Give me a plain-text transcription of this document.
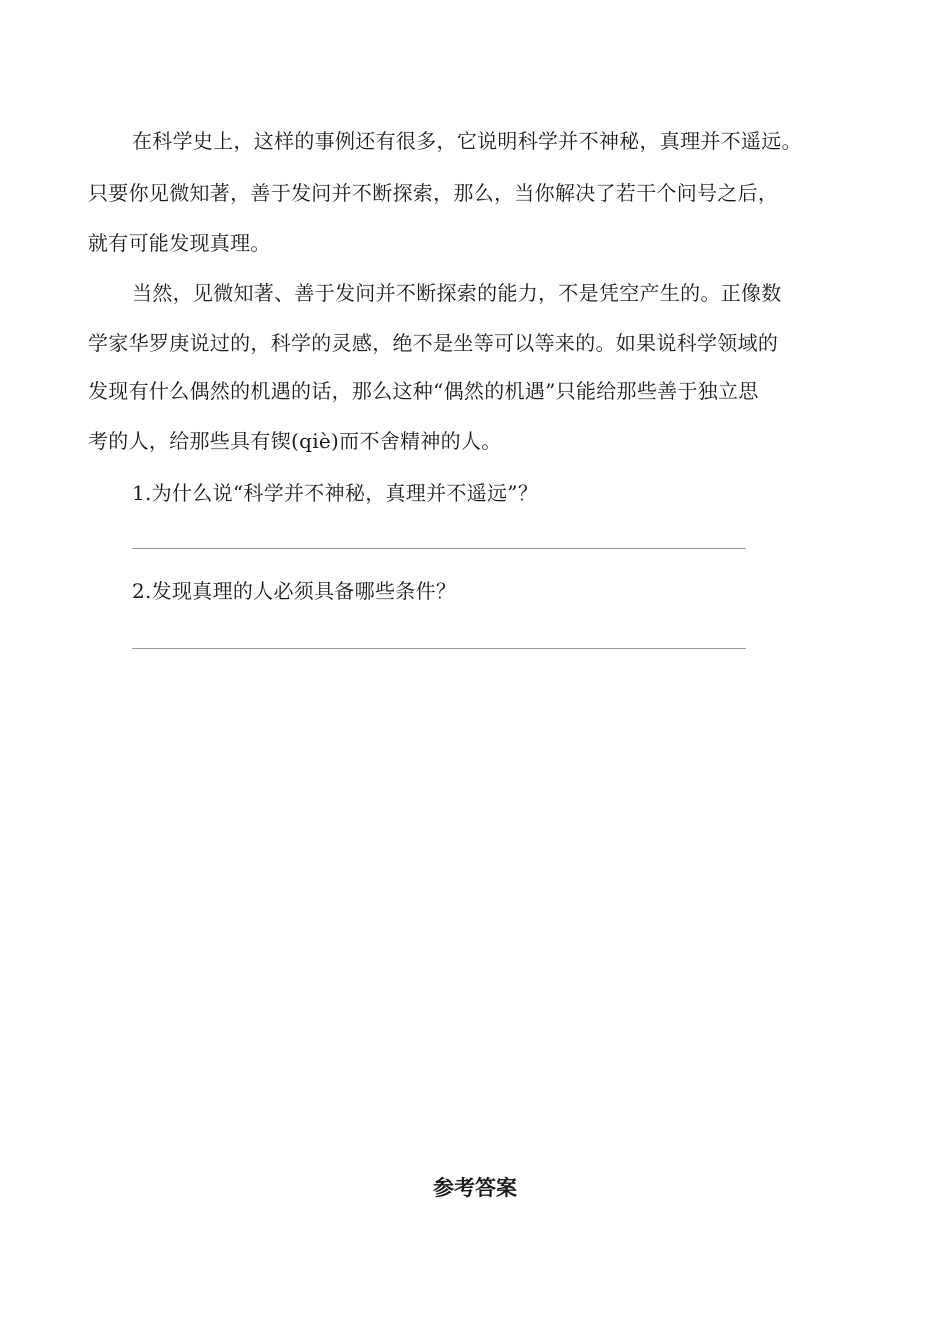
在科学史上，这样的事例还有很多，它说明科学并不神秘，真理并不遥远。
只要你见微知著，善于发问并不断探索，那么，当你解决了若干个问号之后，
就有可能发现真理。
当然，见微知著、善于发问并不断探索的能力，不是凭空产生的。正像数
学家华罗庚说过的，科学的灵感，绝不是坐等可以等来的。如果说科学领域的
发现有什么偶然的机遇的话，那么这种“偶然的机遇”只能给那些善于独立思
考的人，给那些具有锲(qiè)而不舍精神的人。
1.为什么说“科学并不神秘，真理并不遥远”？
2.发现真理的人必须具备哪些条件？
参考答案
